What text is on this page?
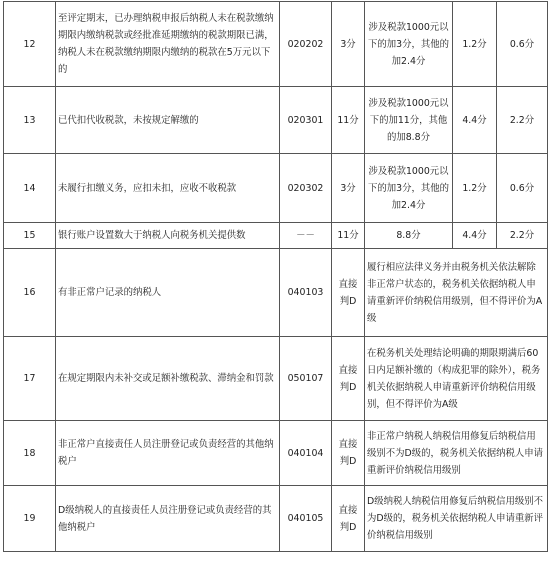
12	至评定期末，已办理纳税申报后纳税人未在税款缴纳期限内缴纳税款或经批准延期缴纳的税款期限已满，纳税人未在税款缴纳期限内缴纳的税款在5万元以下的	020202	3分	涉及税款1000元以下的加3分，其他的加2.4分	1.2分	0.6分
13	已代扣代收税款，未按规定解缴的	020301	11分	涉及税款1000元以下的加11分，其他的加8.8分	4.4分	2.2分
14	未履行扣缴义务，应扣未扣，应收不收税款	020302	3分	涉及税款1000元以下的加3分，其他的加2.4分	1.2分	0.6分
15	银行账户设置数大于纳税人向税务机关提供数	－－	11分	8.8分	4.4分	2.2分
16	有非正常户记录的纳税人	040103	直接判D	履行相应法律义务并由税务机关依法解除非正常户状态的，税务机关依据纳税人申请重新评价纳税信用级别，但不得评价为A级		
17	在规定期限内未补交或足额补缴税款、滞纳金和罚款	050107	直接判D	在税务机关处理结论明确的期限期满后60日内足额补缴的（构成犯罪的除外），税务机关依据纳税人申请重新评价纳税信用级别，但不得评价为A级		
18	非正常户直接责任人员注册登记或负责经营的其他纳税户	040104	直接判D	非正常户纳税人纳税信用修复后纳税信用级别不为D级的，税务机关依据纳税人申请重新评价纳税信用级别		
19	D级纳税人的直接责任人员注册登记或负责经营的其他纳税户	040105	直接判D	D级纳税人纳税信用修复后纳税信用级别不为D级的，税务机关依据纳税人申请重新评价纳税信用级别		
